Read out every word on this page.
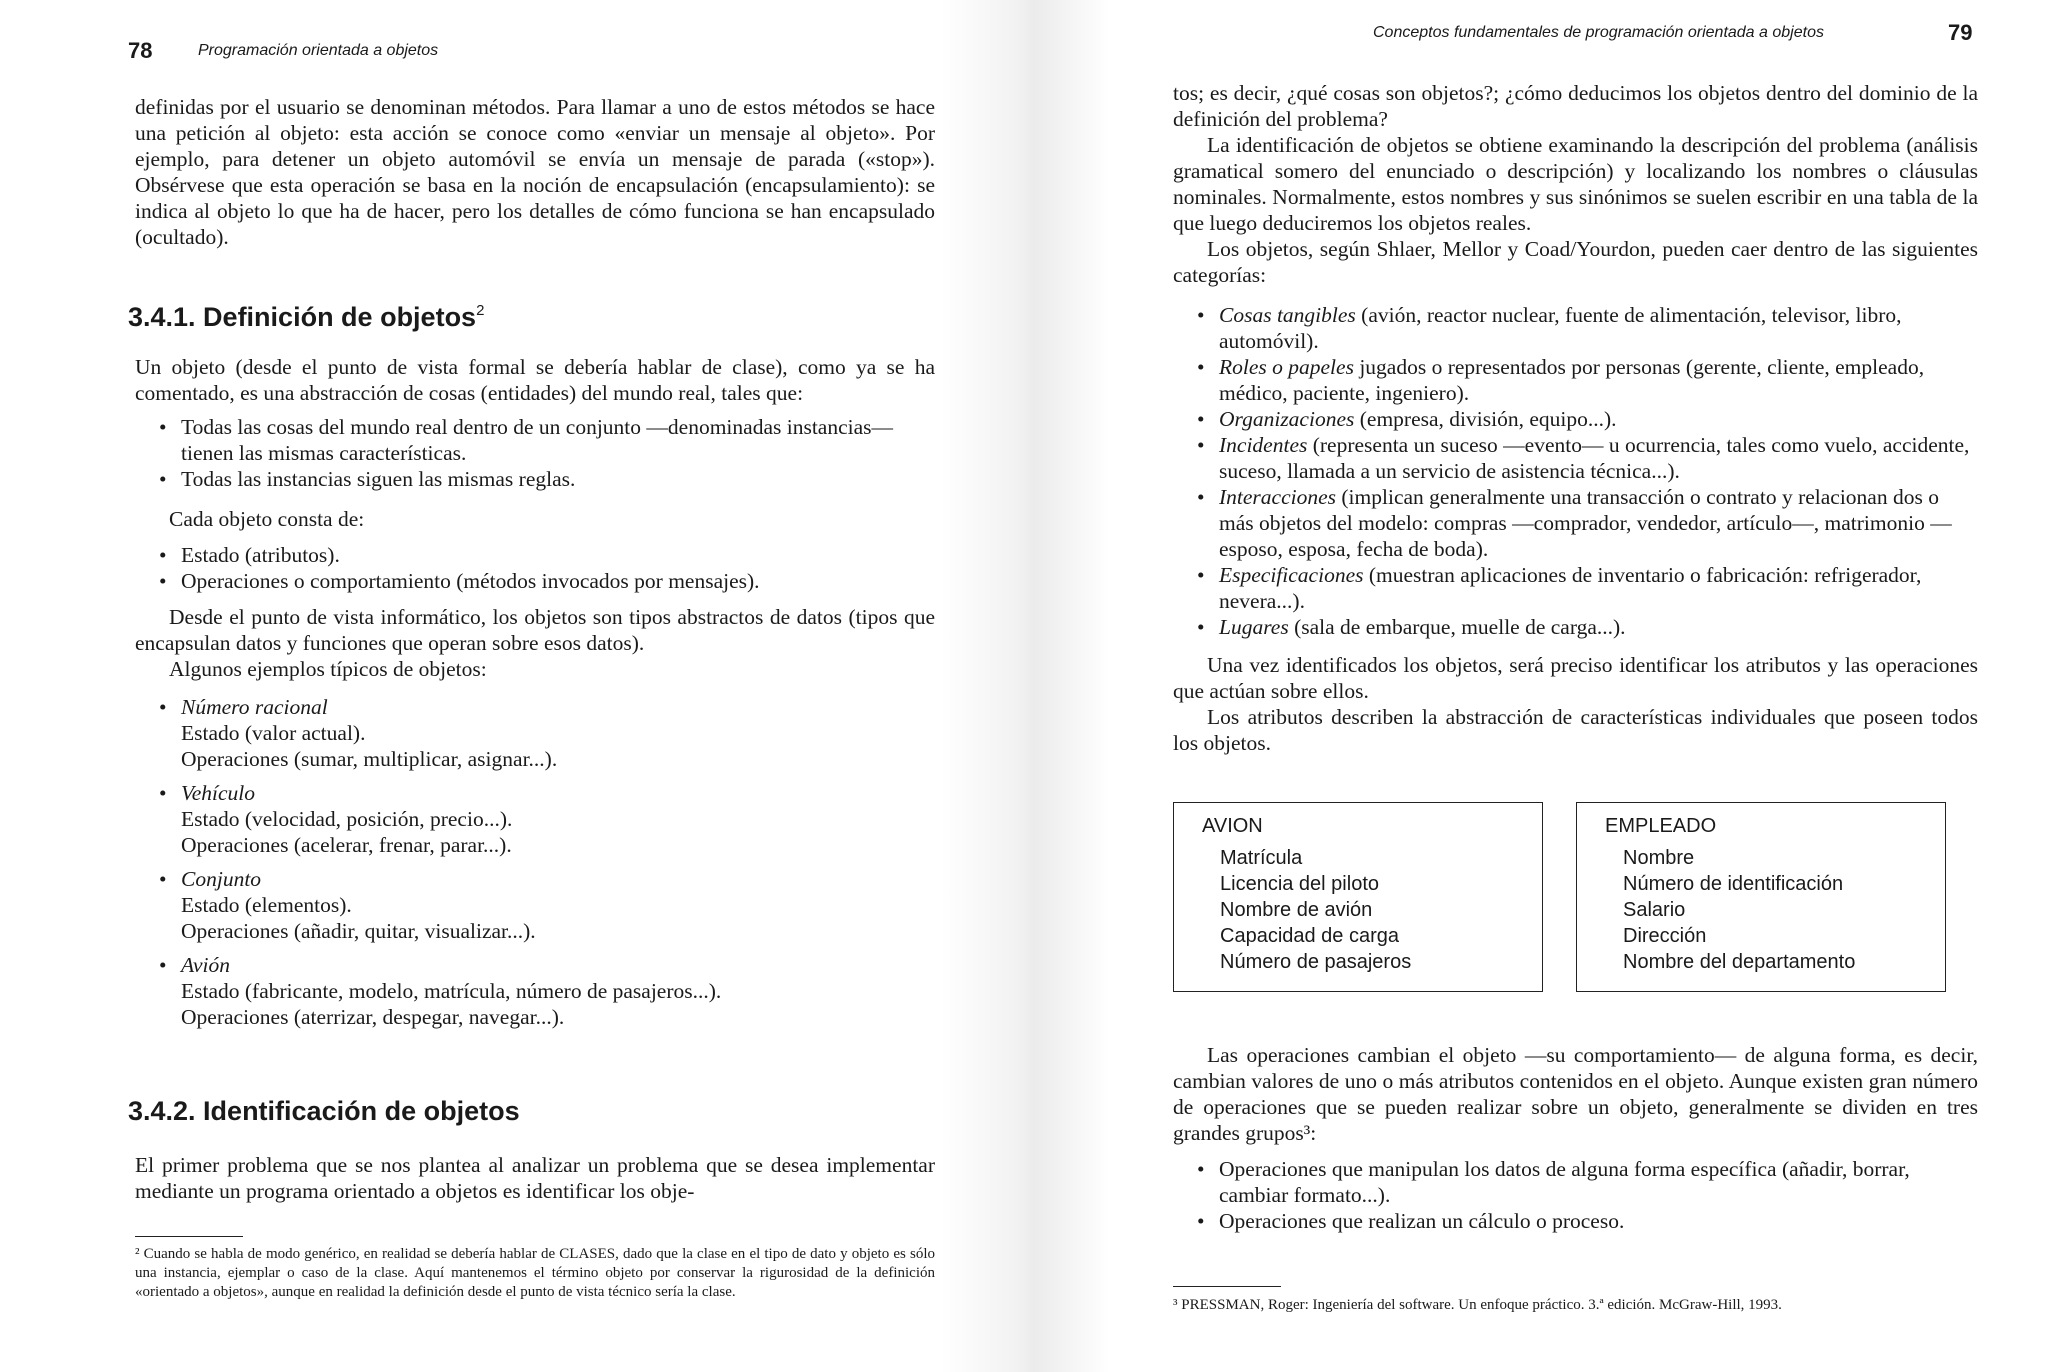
78	Programación orientada a objetos

definidas por el usuario se denominan métodos. Para llamar a uno de estos métodos se hace una petición al objeto: esta acción se conoce como «enviar un mensaje al objeto». Por ejemplo, para detener un objeto automóvil se envía un mensaje de parada («stop»). Obsérvese que esta operación se basa en la noción de encapsulación (encapsulamiento): se indica al objeto lo que ha de hacer, pero los detalles de cómo funciona se han encapsulado (ocultado).

3.4.1. Definición de objetos$^2$

Un objeto (desde el punto de vista formal se debería hablar de clase), como ya se ha comentado, es una abstracción de cosas (entidades) del mundo real, tales que:

• Todas las cosas del mundo real dentro de un conjunto —denominadas instancias— tienen las mismas características.
• Todas las instancias siguen las mismas reglas.

Cada objeto consta de:

• Estado (atributos).
• Operaciones o comportamiento (métodos invocados por mensajes).

Desde el punto de vista informático, los objetos son tipos abstractos de datos (tipos que encapsulan datos y funciones que operan sobre esos datos).

Algunos ejemplos típicos de objetos:

• Número racional
Estado (valor actual).
Operaciones (sumar, multiplicar, asignar...).
• Vehículo
Estado (velocidad, posición, precio...).
Operaciones (acelerar, frenar, parar...).
• Conjunto
Estado (elementos).
Operaciones (añadir, quitar, visualizar...).
• Avión
Estado (fabricante, modelo, matrícula, número de pasajeros...).
Operaciones (aterrizar, despegar, navegar...).
3.4.2. Identificación de objetos

El primer problema que se nos plantea al analizar un problema que se desea implementar mediante un programa orientado a objetos es identificar los obje-

² Cuando se habla de modo genérico, en realidad se debería hablar de CLASES, dado que la clase en el tipo de dato y objeto es sólo una instancia, ejemplar o caso de la clase. Aquí mantenemos el término objeto por conservar la rigurosidad de la definición «orientado a objetos», aunque en realidad la definición desde el punto de vista técnico sería la clase.
Conceptos fundamentales de programación orientada a objetos	79

tos; es decir, ¿qué cosas son objetos?; ¿cómo deducimos los objetos dentro del dominio de la definición del problema?

La identificación de objetos se obtiene examinando la descripción del problema (análisis gramatical somero del enunciado o descripción) y localizando los nombres o cláusulas nominales. Normalmente, estos nombres y sus sinónimos se suelen escribir en una tabla de la que luego deduciremos los objetos reales.

Los objetos, según Shlaer, Mellor y Coad/Yourdon, pueden caer dentro de las siguientes categorías:

• Cosas tangibles (avión, reactor nuclear, fuente de alimentación, televisor, libro, automóvil).
• Roles o papeles jugados o representados por personas (gerente, cliente, empleado, médico, paciente, ingeniero).
• Organizaciones (empresa, división, equipo...).
• Incidentes (representa un suceso —evento— u ocurrencia, tales como vuelo, accidente, suceso, llamada a un servicio de asistencia técnica...).
• Interacciones (implican generalmente una transacción o contrato y relacionan dos o más objetos del modelo: compras —comprador, vendedor, artículo—, matrimonio —esposo, esposa, fecha de boda).
• Especificaciones (muestran aplicaciones de inventario o fabricación: refrigerador, nevera...).
• Lugares (sala de embarque, muelle de carga...).

Una vez identificados los objetos, será preciso identificar los atributos y las operaciones que actúan sobre ellos.

Los atributos describen la abstracción de características individuales que poseen todos los objetos.

AVION
Matrícula
Licencia del piloto
Nombre de avión
Capacidad de carga
Número de pasajeros
EMPLEADO
Nombre
Número de identificación
Salario
Dirección
Nombre del departamento

Las operaciones cambian el objeto —su comportamiento— de alguna forma, es decir, cambian valores de uno o más atributos contenidos en el objeto. Aunque existen gran número de operaciones que se pueden realizar sobre un objeto, generalmente se dividen en tres grandes grupos³:

• Operaciones que manipulan los datos de alguna forma específica (añadir, borrar, cambiar formato...).
• Operaciones que realizan un cálculo o proceso.
³ PRESSMAN, Roger: Ingeniería del software. Un enfoque práctico. 3.ª edición. McGraw-Hill, 1993.
